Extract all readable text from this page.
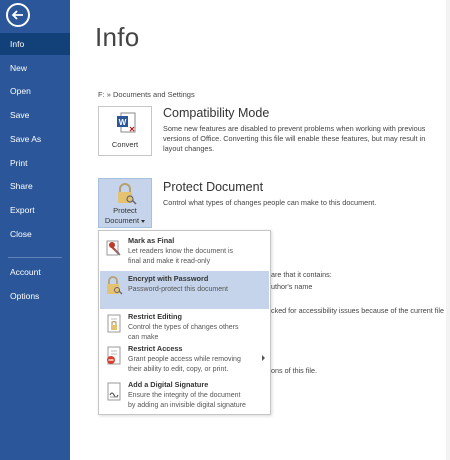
Info
New
Open
Save
Save As
Print
Share
Export
Close
Account
Options
Info
F: » Documents and Settings
W
Convert
Compatibility Mode
Some new features are disabled to prevent problems when working with previous
versions of Office. Converting this file will enable these features, but may result in
layout changes.
Protect
Document
Protect Document
Control what types of changes people can make to this document.
are that it contains:
uthor's name
cked for accessibility issues because of the current file
ons of this file.
Mark as Final
Let readers know the document is
final and make it read-only
Encrypt with Password
Password-protect this document
Restrict Editing
Control the types of changes others
can make
Restrict Access
Grant people access while removing
their ability to edit, copy, or print.
Add a Digital Signature
Ensure the integrity of the document
by adding an invisible digital signature
